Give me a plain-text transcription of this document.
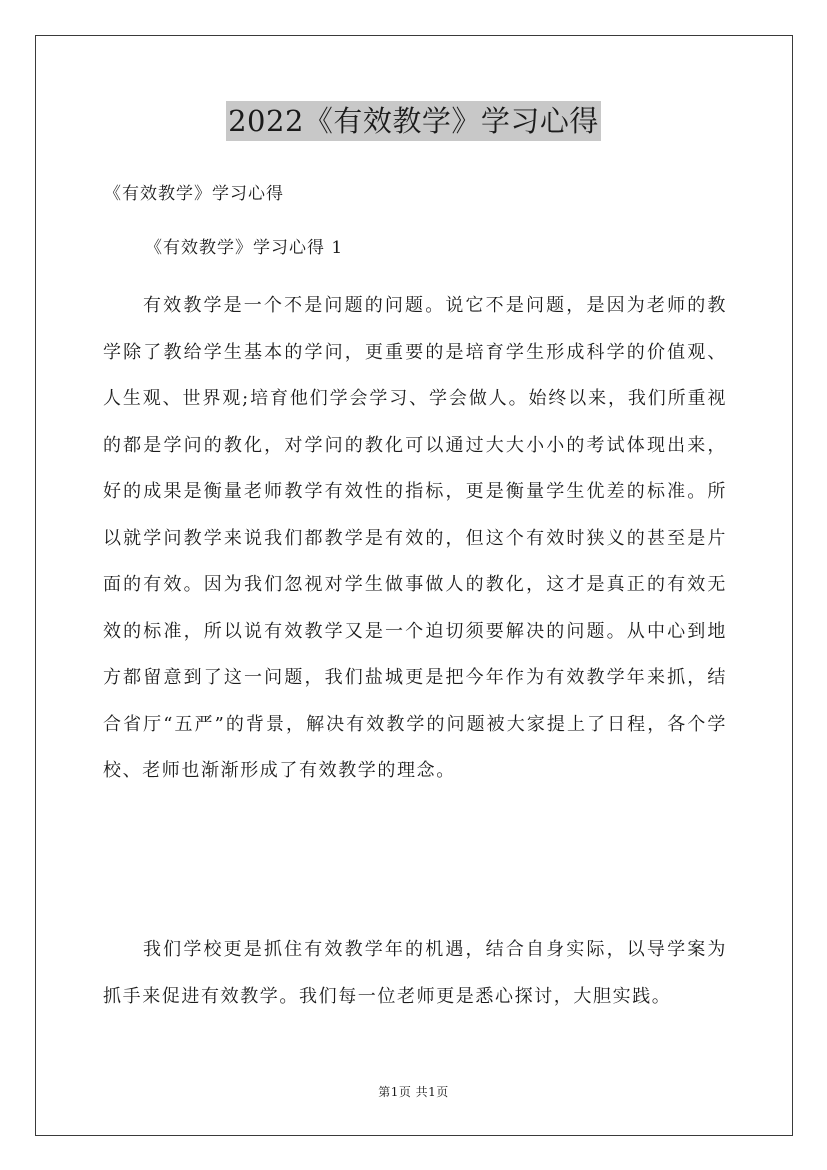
2022《有效教学》学习心得
《有效教学》学习心得
《有效教学》学习心得 1

有效教学是一个不是问题的问题。说它不是问题，是因为老师的教学除了教给学生基本的学问，更重要的是培育学生形成科学的价值观、人生观、世界观;培育他们学会学习、学会做人。始终以来，我们所重视的都是学问的教化，对学问的教化可以通过大大小小的考试体现出来，好的成果是衡量老师教学有效性的指标，更是衡量学生优差的标准。所以就学问教学来说我们都教学是有效的，但这个有效时狭义的甚至是片面的有效。因为我们忽视对学生做事做人的教化，这才是真正的有效无效的标准，所以说有效教学又是一个迫切须要解决的问题。从中心到地方都留意到了这一问题，我们盐城更是把今年作为有效教学年来抓，结合省厅“五严”的背景，解决有效教学的问题被大家提上了日程，各个学校、老师也渐渐形成了有效教学的理念。

我们学校更是抓住有效教学年的机遇，结合自身实际，以导学案为抓手来促进有效教学。我们每一位老师更是悉心探讨，大胆实践。

第1页 共1页
